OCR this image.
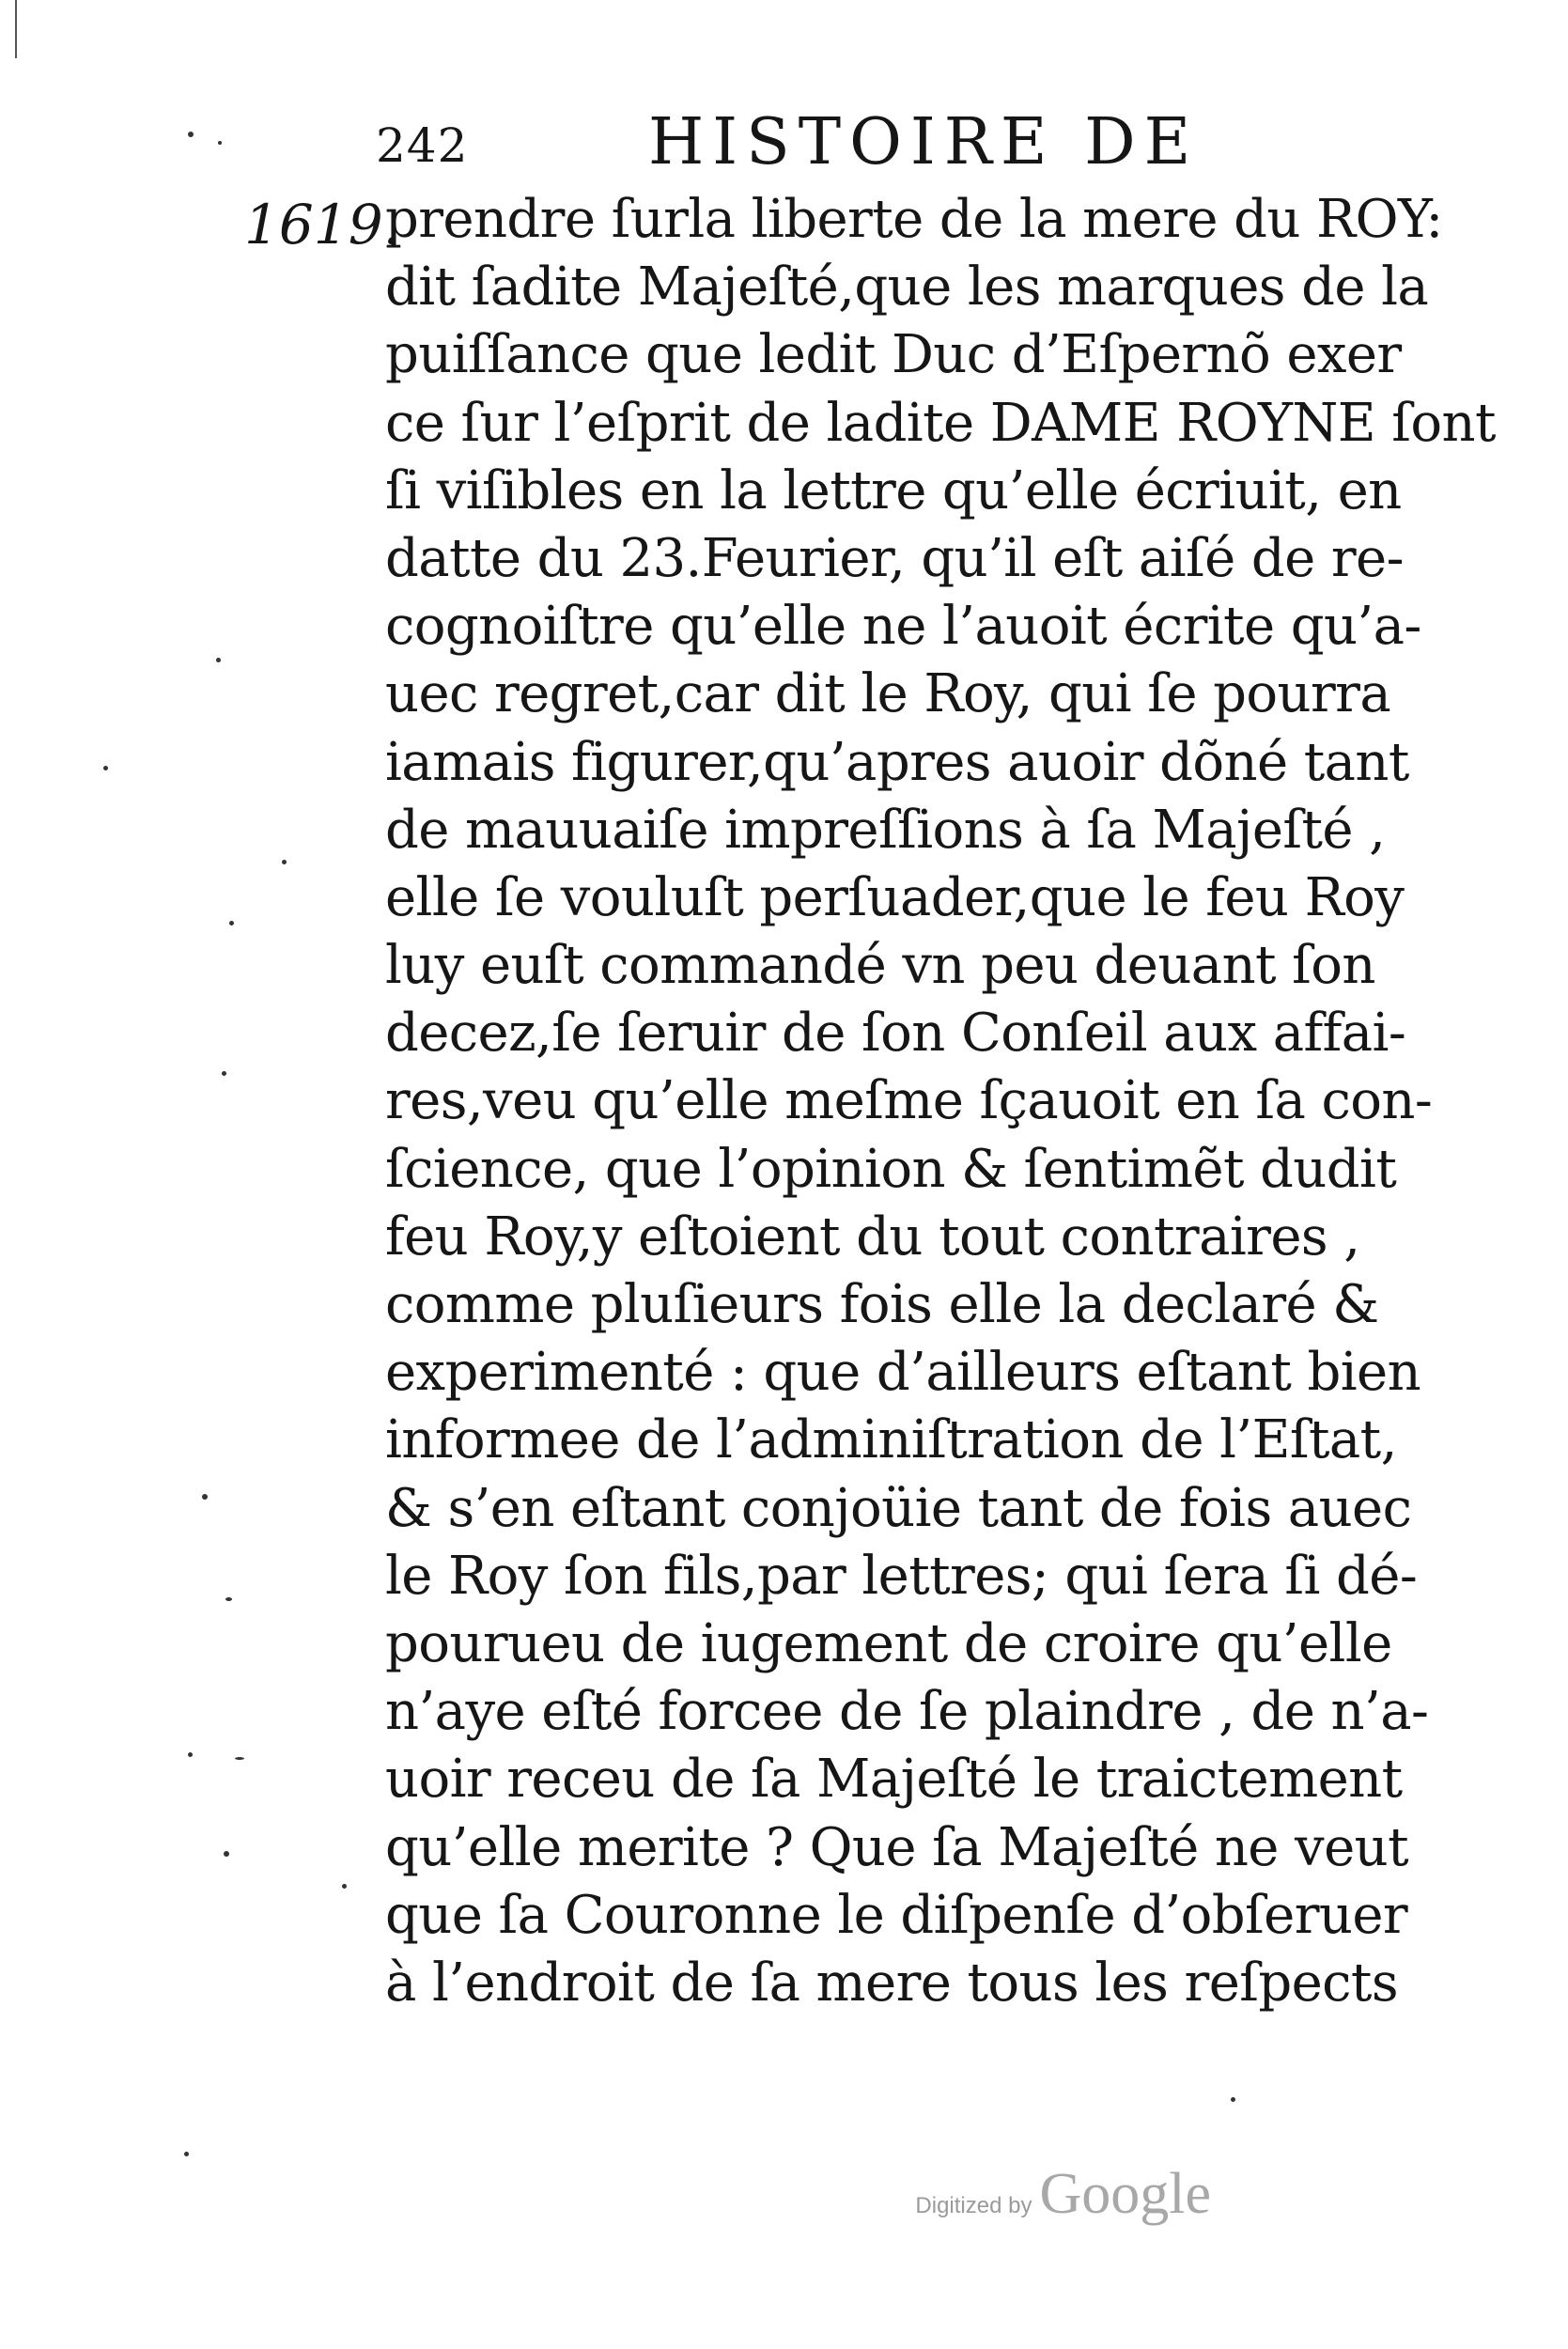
242	HISTOIRE DE
1619.
prendre ſurla liberte de la mere du ROY:
dit ſadite Majeſté,que les marques de la
puiſſance que ledit Duc d’Eſpernõ exer
ce ſur l’eſprit de ladite DAME ROYNE ſont
ſi viſibles en la lettre qu’elle écriuit, en
datte du 23.Feurier, qu’il eſt aiſé de re-
cognoiſtre qu’elle ne l’auoit écrite qu’a-
uec regret,car dit le Roy, qui ſe pourra
iamais figurer,qu’apres auoir dõné tant
de mauuaiſe impreſſions à ſa Majeſté ,
elle ſe vouluſt perſuader,que le feu Roy
luy euſt commandé vn peu deuant ſon
decez,ſe ſeruir de ſon Conſeil aux affai-
res,veu qu’elle meſme ſçauoit en ſa con-
ſcience, que l’opinion & ſentimẽt dudit
feu Roy,y eſtoient du tout contraires ,
comme pluſieurs fois elle la declaré &
experimenté : que d’ailleurs eſtant bien
informee de l’adminiſtration de l’Eſtat,
& s’en eſtant conjoüie tant de fois auec
le Roy ſon fils,par lettres; qui ſera ſi dé-
pourueu de iugement de croire qu’elle
n’aye eſté forcee de ſe plaindre , de n’a-
uoir receu de ſa Majeſté le traictement
qu’elle merite ? Que ſa Majeſté ne veut
que ſa Couronne le diſpenſe d’obſeruer
à l’endroit de ſa mere tous les reſpects
Digitized by Google
